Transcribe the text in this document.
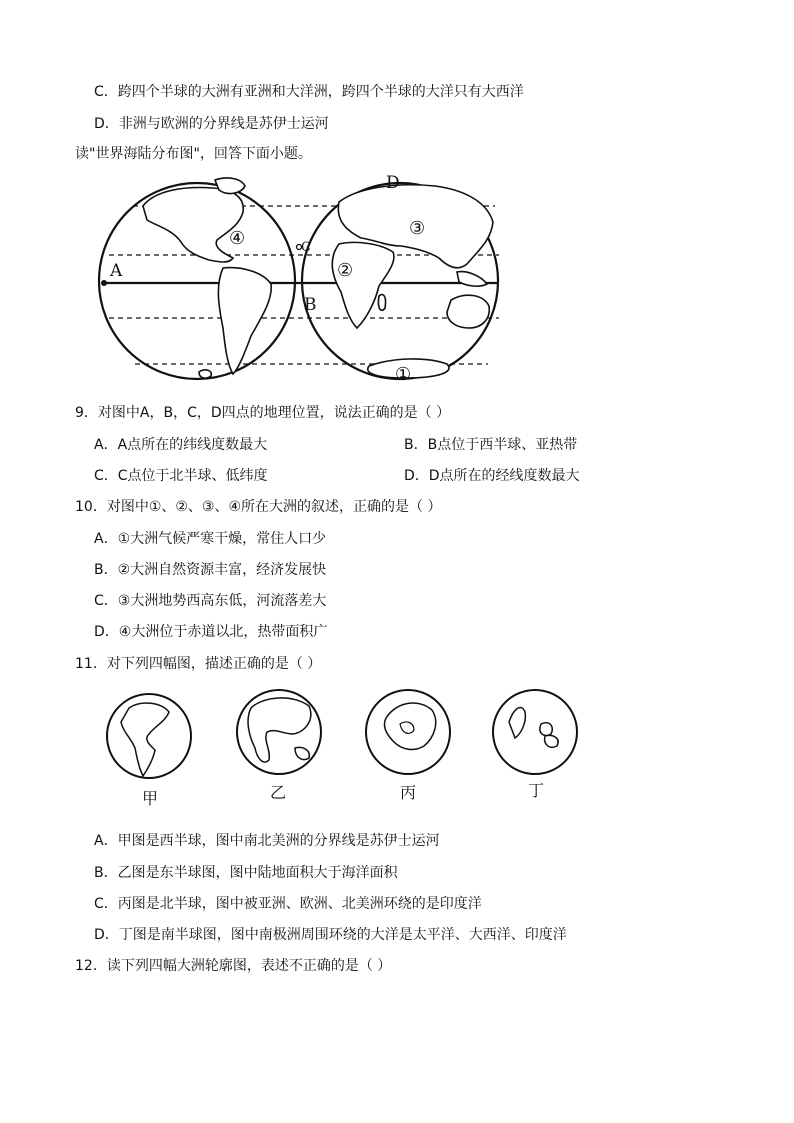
C．跨四个半球的大洲有亚洲和大洋洲，跨四个半球的大洋只有大西洋
D．非洲与欧洲的分界线是苏伊士运河
读"世界海陆分布图"，回答下面小题。
A
B
C
D
①
②
③
④
9．对图中A，B，C，D四点的地理位置，说法正确的是（ ）
A．A点所在的纬线度数最大	B．B点位于西半球、亚热带
C．C点位于北半球、低纬度	D．D点所在的经线度数最大
10．对图中①、②、③、④所在大洲的叙述，正确的是（ ）
A．①大洲气候严寒干燥，常住人口少
B．②大洲自然资源丰富，经济发展快
C．③大洲地势西高东低，河流落差大
D．④大洲位于赤道以北，热带面积广
11．对下列四幅图，描述正确的是（ ）
甲	乙	丙	丁
A．甲图是西半球，图中南北美洲的分界线是苏伊士运河
B．乙图是东半球图，图中陆地面积大于海洋面积
C．丙图是北半球，图中被亚洲、欧洲、北美洲环绕的是印度洋
D．丁图是南半球图，图中南极洲周围环绕的大洋是太平洋、大西洋、印度洋
12．读下列四幅大洲轮廓图，表述不正确的是（ ）
